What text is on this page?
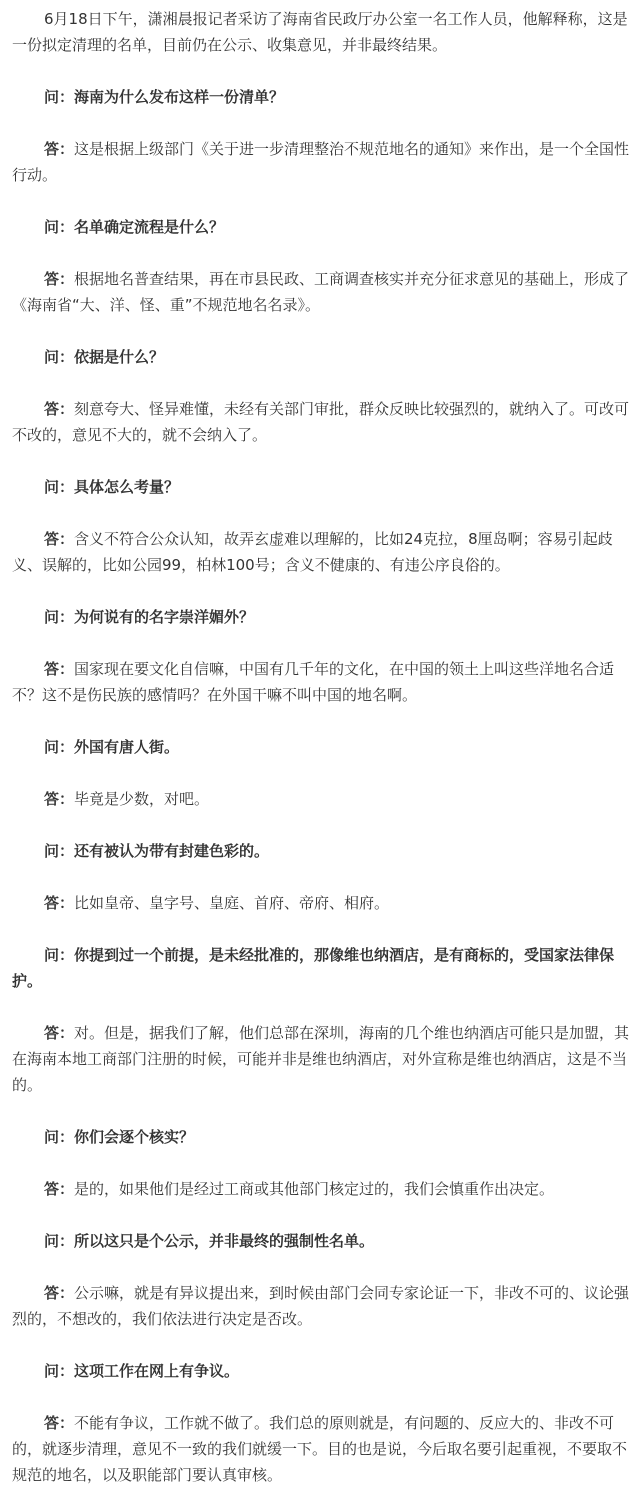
6月18日下午，潇湘晨报记者采访了海南省民政厅办公室一名工作人员，他解释称，这是一份拟定清理的名单，目前仍在公示、收集意见，并非最终结果。

问：海南为什么发布这样一份清单？

答：这是根据上级部门《关于进一步清理整治不规范地名的通知》来作出，是一个全国性行动。

问：名单确定流程是什么？

答：根据地名普查结果，再在市县民政、工商调查核实并充分征求意见的基础上，形成了《海南省“大、洋、怪、重”不规范地名名录》。

问：依据是什么？

答：刻意夸大、怪异难懂，未经有关部门审批，群众反映比较强烈的，就纳入了。可改可不改的，意见不大的，就不会纳入了。

问：具体怎么考量？

答：含义不符合公众认知，故弄玄虚难以理解的，比如24克拉，8厘岛啊；容易引起歧义、误解的，比如公园99，柏林100号；含义不健康的、有违公序良俗的。

问：为何说有的名字崇洋媚外？

答：国家现在要文化自信嘛，中国有几千年的文化，在中国的领土上叫这些洋地名合适不？这不是伤民族的感情吗？在外国干嘛不叫中国的地名啊。

问：外国有唐人街。

答：毕竟是少数，对吧。

问：还有被认为带有封建色彩的。

答：比如皇帝、皇字号、皇庭、首府、帝府、相府。

问：你提到过一个前提，是未经批准的，那像维也纳酒店，是有商标的，受国家法律保护。

答：对。但是，据我们了解，他们总部在深圳，海南的几个维也纳酒店可能只是加盟，其在海南本地工商部门注册的时候，可能并非是维也纳酒店，对外宣称是维也纳酒店，这是不当的。

问：你们会逐个核实？

答：是的，如果他们是经过工商或其他部门核定过的，我们会慎重作出决定。

问：所以这只是个公示，并非最终的强制性名单。

答：公示嘛，就是有异议提出来，到时候由部门会同专家论证一下，非改不可的、议论强烈的，不想改的，我们依法进行决定是否改。

问：这项工作在网上有争议。

答：不能有争议，工作就不做了。我们总的原则就是，有问题的、反应大的、非改不可的，就逐步清理，意见不一致的我们就缓一下。目的也是说，今后取名要引起重视，不要取不规范的地名，以及职能部门要认真审核。
